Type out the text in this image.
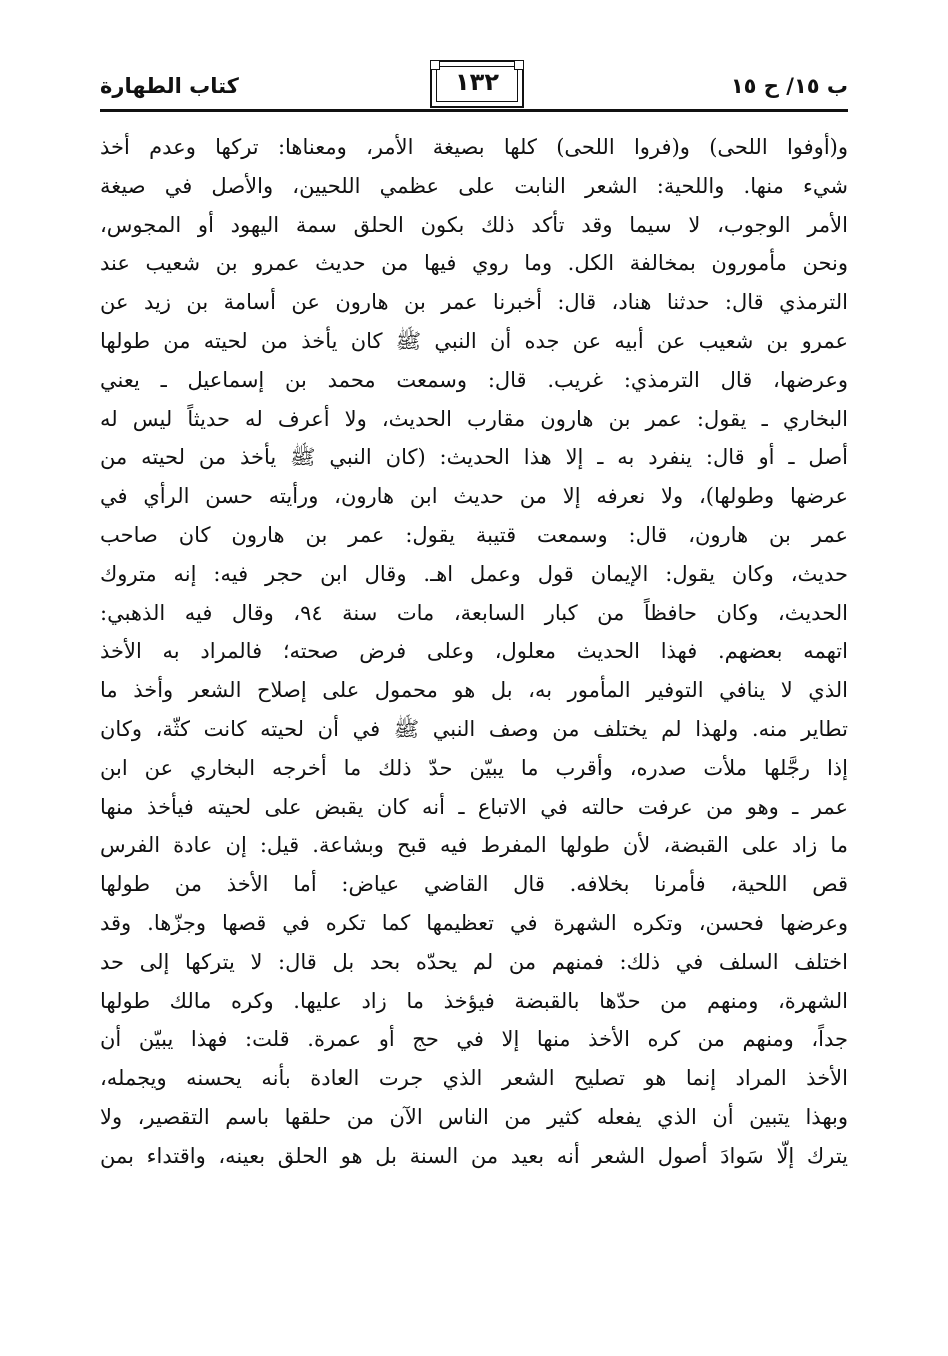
كتاب الطهارة	١٣٢	ب ١٥/ ح ١٥
و(أوفوا اللحى) و(فروا اللحى) كلها بصيغة الأمر، ومعناها: تركها وعدم أخذ
شيء منها. واللحية: الشعر النابت على عظمي اللحيين، والأصل في صيغة
الأمر الوجوب، لا سيما وقد تأكد ذلك بكون الحلق سمة اليهود أو المجوس،
ونحن مأمورون بمخالفة الكل. وما روي فيها من حديث عمرو بن شعيب عند
الترمذي قال: حدثنا هناد، قال: أخبرنا عمر بن هارون عن أسامة بن زيد عن
عمرو بن شعيب عن أبيه عن جده أن النبي ﷺ كان يأخذ من لحيته من طولها
وعرضها، قال الترمذي: غريب. قال: وسمعت محمد بن إسماعيل ـ يعني
البخاري ـ يقول: عمر بن هارون مقارب الحديث، ولا أعرف له حديثاً ليس له
أصل ـ أو قال: ينفرد به ـ إلا هذا الحديث: (كان النبي ﷺ يأخذ من لحيته من
عرضها وطولها)، ولا نعرفه إلا من حديث ابن هارون، ورأيته حسن الرأي في
عمر بن هارون، قال: وسمعت قتيبة يقول: عمر بن هارون كان صاحب
حديث، وكان يقول: الإيمان قول وعمل اهـ. وقال ابن حجر فيه: إنه متروك
الحديث، وكان حافظاً من كبار السابعة، مات سنة ٩٤، وقال فيه الذهبي:
اتهمه بعضهم. فهذا الحديث معلول، وعلى فرض صحته؛ فالمراد به الأخذ
الذي لا ينافي التوفير المأمور به، بل هو محمول على إصلاح الشعر وأخذ ما
تطاير منه. ولهذا لم يختلف من وصف النبي ﷺ في أن لحيته كانت كثّة، وكان
إذا رجَّلها ملأت صدره، وأقرب ما يبيّن حدّ ذلك ما أخرجه البخاري عن ابن
عمر ـ وهو من عرفت حالته في الاتباع ـ أنه كان يقبض على لحيته فيأخذ منها
ما زاد على القبضة، لأن طولها المفرط فيه قبح وبشاعة. قيل: إن عادة الفرس
قص اللحية، فأمرنا بخلافه. قال القاضي عياض: أما الأخذ من طولها
وعرضها فحسن، وتكره الشهرة في تعظيمها كما تكره في قصها وجزّها. وقد
اختلف السلف في ذلك: فمنهم من لم يحدّه بحد بل قال: لا يتركها إلى حد
الشهرة، ومنهم من حدّها بالقبضة فيؤخذ ما زاد عليها. وكره مالك طولها
جداً، ومنهم من كره الأخذ منها إلا في حج أو عمرة. قلت: فهذا يبيّن أن
الأخذ المراد إنما هو تصليح الشعر الذي جرت العادة بأنه يحسنه ويجمله،
وبهذا يتبين أن الذي يفعله كثير من الناس الآن من حلقها باسم التقصير، ولا
يترك إلّا سَوادَ أصول الشعر أنه بعيد من السنة بل هو الحلق بعينه، واقتداء بمن
